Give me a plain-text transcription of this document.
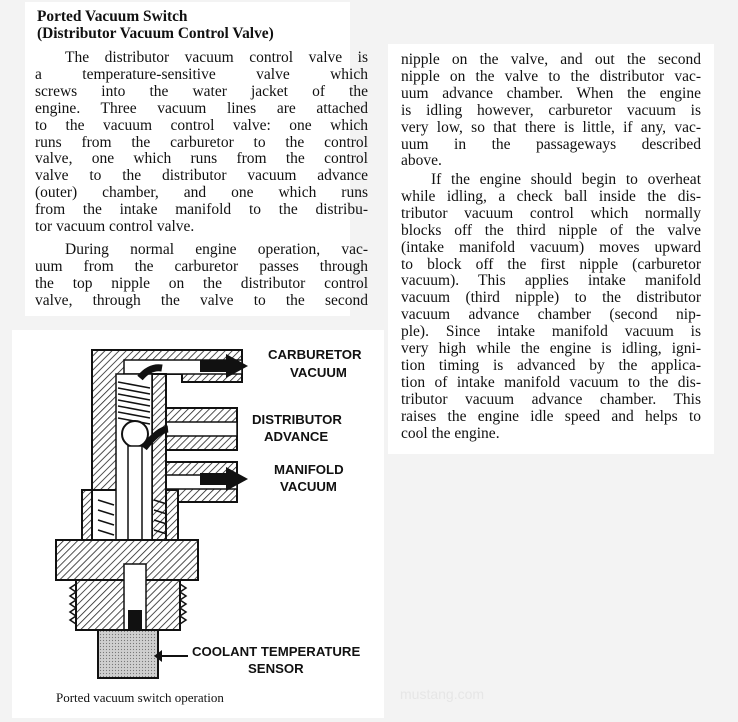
Ported Vacuum Switch
(Distributor Vacuum Control Valve)
The distributor vacuum control valve is
a temperature-sensitive valve which
screws into the water jacket of the
engine. Three vacuum lines are attached
to the vacuum control valve: one which
runs from the carburetor to the control
valve, one which runs from the control
valve to the distributor vacuum advance
(outer) chamber, and one which runs
from the intake manifold to the distribu-
tor vacuum control valve.
During normal engine operation, vac-
uum from the carburetor passes through
the top nipple on the distributor control
valve, through the valve to the second
nipple on the valve, and out the second
nipple on the valve to the distributor vac-
uum advance chamber. When the engine
is idling however, carburetor vacuum is
very low, so that there is little, if any, vac-
uum in the passageways described
above.
If the engine should begin to overheat
while idling, a check ball inside the dis-
tributor vacuum control which normally
blocks off the third nipple of the valve
(intake manifold vacuum) moves upward
to block off the first nipple (carburetor
vacuum). This applies intake manifold
vacuum (third nipple) to the distributor
vacuum advance chamber (second nip-
ple). Since intake manifold vacuum is
very high while the engine is idling, igni-
tion timing is advanced by the applica-
tion of intake manifold vacuum to the dis-
tributor vacuum advance chamber. This
raises the engine idle speed and helps to
cool the engine.
CARBURETOR
VACUUM
DISTRIBUTOR
ADVANCE
MANIFOLD
VACUUM
COOLANT TEMPERATURE
SENSOR
Ported vacuum switch operation	mustang.com
